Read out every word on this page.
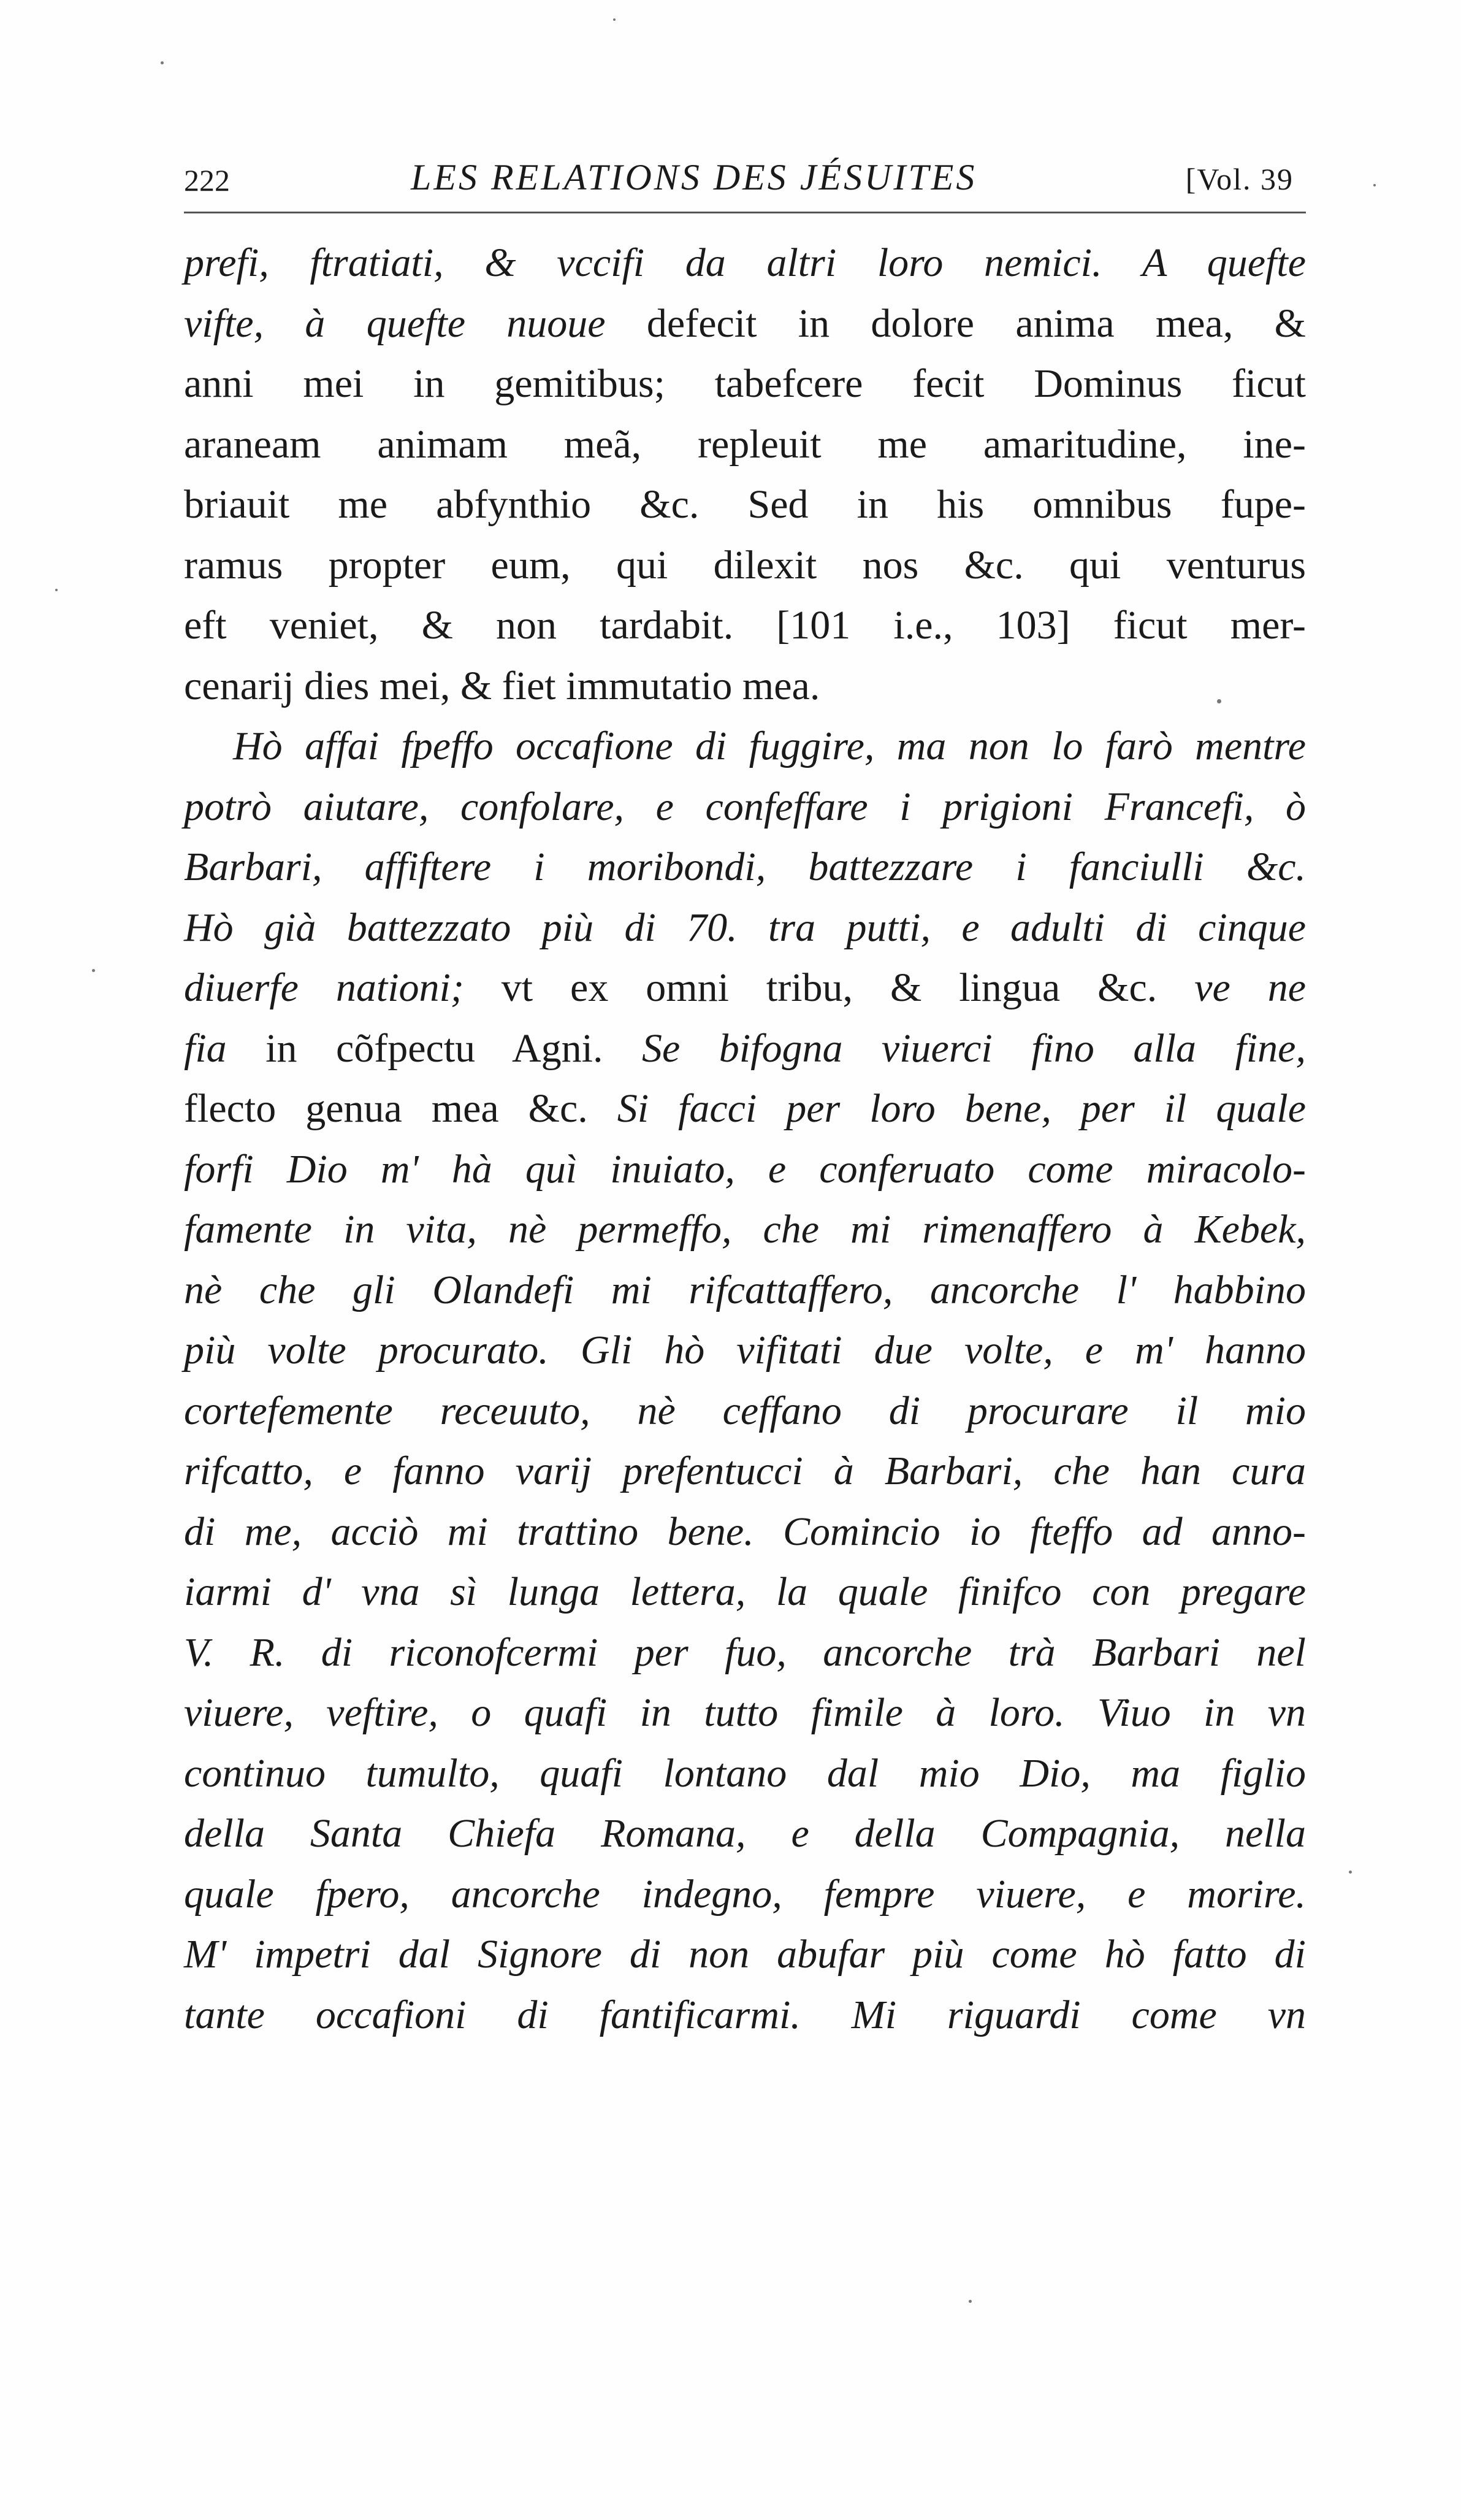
222	LES RELATIONS DES JÉSUITES	[Vol. 39
prefi, ftratiati, & vccifi da altri loro nemici. A quefte
vifte, à quefte nuoue defecit in dolore anima mea, &
anni mei in gemitibus; tabefcere fecit Dominus ficut
araneam animam meã, repleuit me amaritudine, ine-
briauit me abfynthio &c. Sed in his omnibus fupe-
ramus propter eum, qui dilexit nos &c. qui venturus
eft veniet, & non tardabit. [101 i.e., 103] ficut mer-
cenarij dies mei, & fiet immutatio mea.
Hò affai fpeffo occafione di fuggire, ma non lo farò mentre
potrò aiutare, confolare, e confeffare i prigioni Francefi, ò
Barbari, affiftere i moribondi, battezzare i fanciulli &c.
Hò già battezzato più di 70. tra putti, e adulti di cinque
diuerfe nationi; vt ex omni tribu, & lingua &c. ve ne
fia in cõfpectu Agni. Se bifogna viuerci fino alla fine,
flecto genua mea &c. Si facci per loro bene, per il quale
forfi Dio m' hà quì inuiato, e conferuato come miracolo-
famente in vita, nè permeffo, che mi rimenaffero à Kebek,
nè che gli Olandefi mi rifcattaffero, ancorche l' habbino
più volte procurato. Gli hò vifitati due volte, e m' hanno
cortefemente receuuto, nè ceffano di procurare il mio
rifcatto, e fanno varij prefentucci à Barbari, che han cura
di me, acciò mi trattino bene. Comincio io fteffo ad anno-
iarmi d' vna sì lunga lettera, la quale finifco con pregare
V. R. di riconofcermi per fuo, ancorche trà Barbari nel
viuere, veftire, o quafi in tutto fimile à loro. Viuo in vn
continuo tumulto, quafi lontano dal mio Dio, ma figlio
della Santa Chiefa Romana, e della Compagnia, nella
quale fpero, ancorche indegno, fempre viuere, e morire.
M' impetri dal Signore di non abufar più come hò fatto di
tante occafioni di fantificarmi. Mi riguardi come vn
